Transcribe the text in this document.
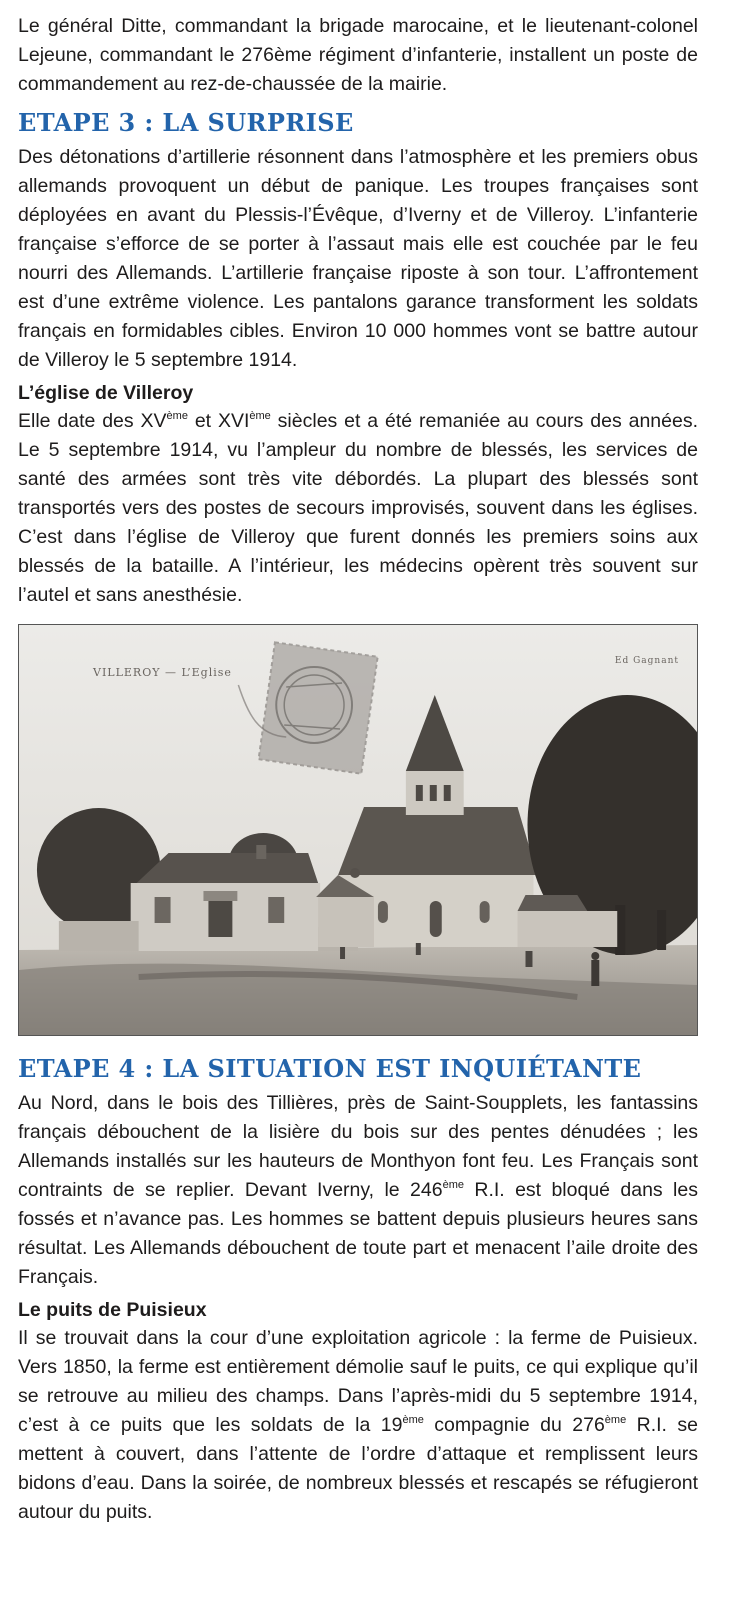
Le général Ditte, commandant la brigade marocaine, et le lieutenant-colonel Lejeune, commandant le 276ème régiment d’infanterie, installent un poste de commandement au rez-de-chaussée de la mairie.

ETAPE 3 : LA SURPRISE

Des détonations d’artillerie résonnent dans l’atmosphère et les premiers obus allemands provoquent un début de panique. Les troupes françaises sont déployées en avant du Plessis-l’Évêque, d’Iverny et de Villeroy. L’infanterie française s’efforce de se porter à l’assaut mais elle est couchée par le feu nourri des Allemands. L’artillerie française riposte à son tour. L’affrontement est d’une extrême violence. Les pantalons garance transforment les soldats français en formidables cibles. Environ 10 000 hommes vont se battre autour de Villeroy le 5 septembre 1914.

L’église de Villeroy

Elle date des XVème et XVIème siècles et a été remaniée au cours des années. Le 5 septembre 1914, vu l’ampleur du nombre de blessés, les services de santé des armées sont très vite débordés. La plupart des blessés sont transportés vers des postes de secours improvisés, souvent dans les églises. C’est dans l’église de Villeroy que furent donnés les premiers soins aux blessés de la bataille. A l’intérieur, les médecins opèrent très souvent sur l’autel et sans anesthésie.

VILLEROY — L’Eglise
Ed Gagnant
ETAPE 4 : LA SITUATION EST INQUIÉTANTE

Au Nord, dans le bois des Tillières, près de Saint-Soupplets, les fantassins français débouchent de la lisière du bois sur des pentes dénudées ; les Allemands installés sur les hauteurs de Monthyon font feu. Les Français sont contraints de se replier. Devant Iverny, le 246ème R.I. est bloqué dans les fossés et n’avance pas. Les hommes se battent depuis plusieurs heures sans résultat. Les Allemands débouchent de toute part et menacent l’aile droite des Français.

Le puits de Puisieux

Il se trouvait dans la cour d’une exploitation agricole : la ferme de Puisieux. Vers 1850, la ferme est entièrement démolie sauf le puits, ce qui explique qu’il se retrouve au milieu des champs. Dans l’après-midi du 5 septembre 1914, c’est à ce puits que les soldats de la 19ème compagnie du 276ème R.I. se mettent à couvert, dans l’attente de l’ordre d’attaque et remplissent leurs bidons d’eau. Dans la soirée, de nombreux blessés et rescapés se réfugieront autour du puits.
